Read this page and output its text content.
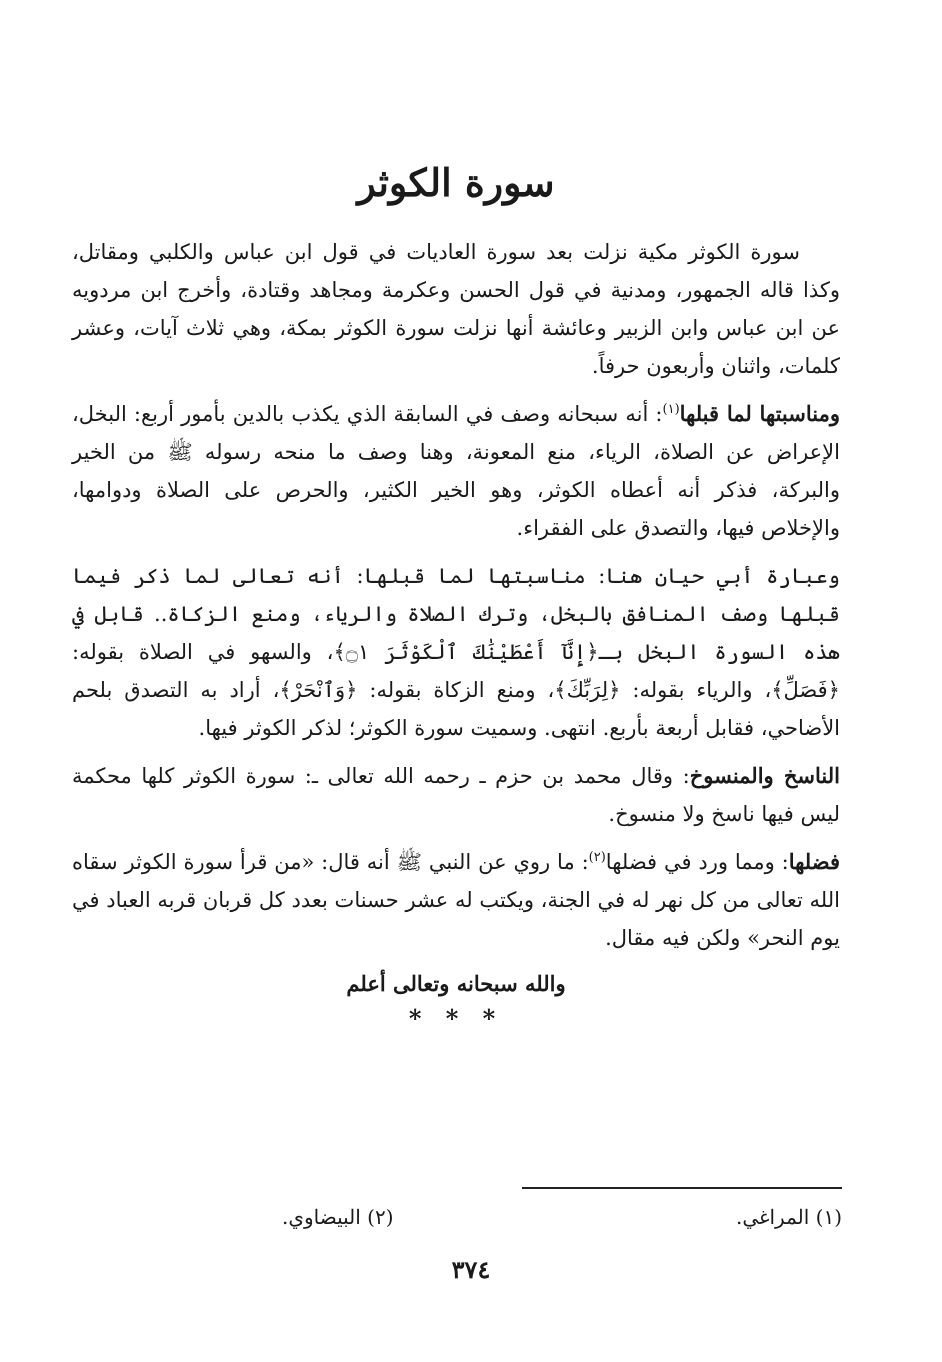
سورة الكوثر

سورة الكوثر مكية نزلت بعد سورة العاديات في قول ابن عباس والكلبي ومقاتل، وكذا قاله الجمهور، ومدنية في قول الحسن وعكرمة ومجاهد وقتادة، وأخرج ابن مردويه عن ابن عباس وابن الزبير وعائشة أنها نزلت سورة الكوثر بمكة، وهي ثلاث آيات، وعشر كلمات، واثنان وأربعون حرفاً.

ومناسبتها لما قبلها$^{(١)}$: أنه سبحانه وصف في السابقة الذي يكذب بالدين بأمور أربع: البخل، الإعراض عن الصلاة، الرياء، منع المعونة، وهنا وصف ما منحه رسوله ﷺ من الخير والبركة، فذكر أنه أعطاه الكوثر، وهو الخير الكثير، والحرص على الصلاة ودوامها، والإخلاص فيها، والتصدق على الفقراء.

وعبارة أبي حيان هنا: مناسبتها لما قبلها: أنه تعالى لما ذكر فيما قبلها وصف المنافق بالبخل، وترك الصلاة والرياء، ومنع الزكاة.. قابل في هذه السورة البخل بـ﴿إِنَّآ أَعْطَيْنَٰكَ ٱلْكَوْثَرَ ۝١﴾، والسهو في الصلاة بقوله: ﴿فَصَلِّ﴾، والرياء بقوله: ﴿لِرَبِّكَ﴾، ومنع الزكاة بقوله: ﴿وَٱنْحَرْ﴾، أراد به التصدق بلحم الأضاحي، فقابل أربعة بأربع. انتهى. وسميت سورة الكوثر؛ لذكر الكوثر فيها.

الناسخ والمنسوخ: وقال محمد بن حزم ـ رحمه الله تعالى ـ: سورة الكوثر كلها محكمة ليس فيها ناسخ ولا منسوخ.

فضلها: ومما ورد في فضلها$^{(٢)}$: ما روي عن النبي ﷺ أنه قال: «من قرأ سورة الكوثر سقاه الله تعالى من كل نهر له في الجنة، ويكتب له عشر حسنات بعدد كل قربان قربه العباد في يوم النحر» ولكن فيه مقال.

والله سبحانه وتعالى أعلم

* * *

(١) المراغي.
(٢) البيضاوي.
٣٧٤
